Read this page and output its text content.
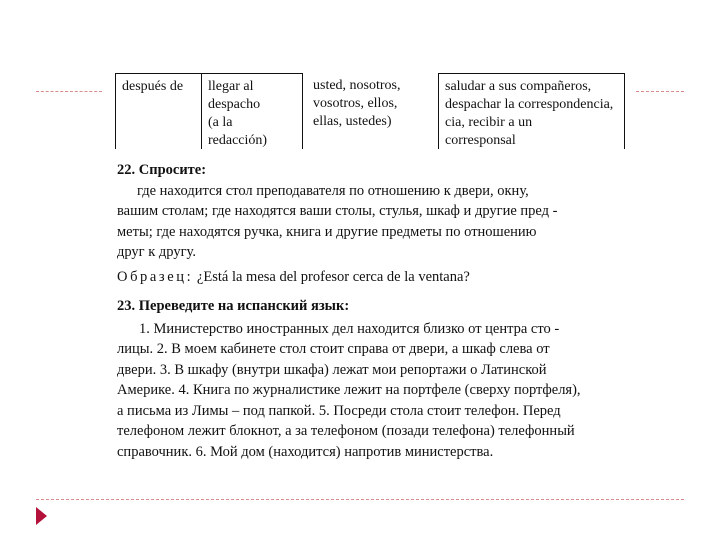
después de	llegar al
despacho
(a la
redacción)
usted, nosotros,
vosotros, ellos,
ellas, ustedes)
saludar a sus compañeros,
despachar la correspondencia,
cia, recibir a un
corresponsal
22. Спросите:
где находится стол преподавателя по отношению к двери, окну,
вашим столам; где находятся ваши столы, стулья, шкаф и другие пред -
меты; где находятся ручка, книга и другие предметы по отношению
друг к другу.
Образец: ¿Está la mesa del profesor cerca de la ventana?
23. Переведите на испанский язык:
1. Министерство иностранных дел находится близко от центра сто -
лицы. 2. В моем кабинете стол стоит справа от двери, а шкаф слева от
двери. 3. В шкафу (внутри шкафа) лежат мои репортажи о Латинской
Америке. 4. Книга по журналистике лежит на портфеле (сверху портфеля),
а письма из Лимы – под папкой. 5. Посреди стола стоит телефон. Перед
телефоном лежит блокнот, а за телефоном (позади телефона) телефонный
справочник. 6. Мой дом (находится) напротив министерства.
